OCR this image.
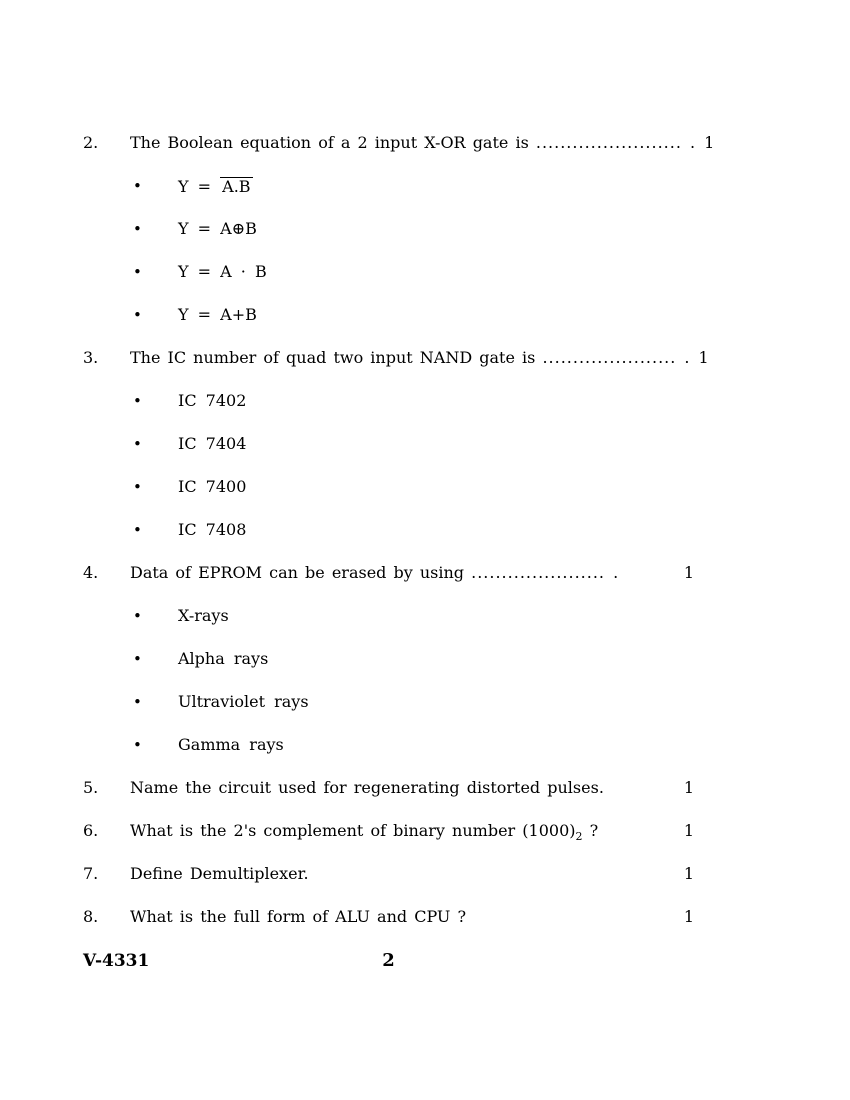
2.	The Boolean equation of a 2 input X-OR gate is ........................ . 1
• Y = A.B
• Y = A⊕B
• Y = A · B
• Y = A+B
3.	The IC number of quad two input NAND gate is ...................... . 1
• IC 7402
• IC 7404
• IC 7400
• IC 7408
4.	Data of EPROM can be erased by using ...................... .	1
• X-rays
• Alpha rays
• Ultraviolet rays
• Gamma rays
5.	Name the circuit used for regenerating distorted pulses.	1
6.	What is the 2's complement of binary number $(1000)_2$ ?	1
7.	Define Demultiplexer.	1
8.	What is the full form of ALU and CPU ?	1
V-4331	2
